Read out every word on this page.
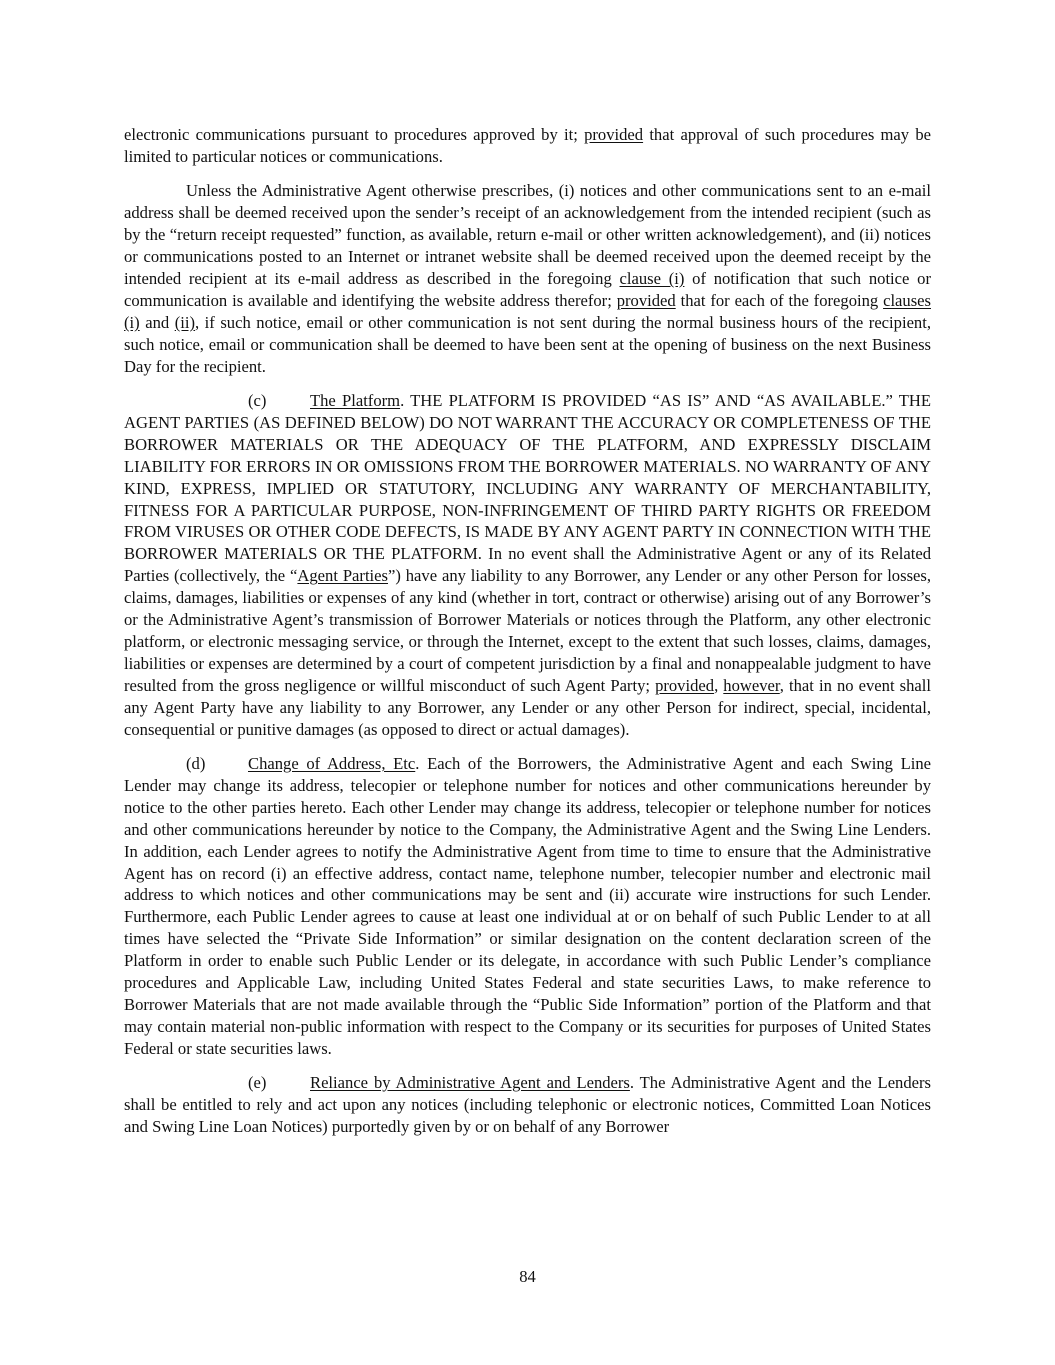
electronic communications pursuant to procedures approved by it; provided that approval of such procedures may be limited to particular notices or communications.

Unless the Administrative Agent otherwise prescribes, (i) notices and other communications sent to an e-mail address shall be deemed received upon the sender’s receipt of an acknowledgement from the intended recipient (such as by the “return receipt requested” function, as available, return e-mail or other written acknowledgement), and (ii) notices or communications posted to an Internet or intranet website shall be deemed received upon the deemed receipt by the intended recipient at its e-mail address as described in the foregoing clause (i) of notification that such notice or communication is available and identifying the website address therefor; provided that for each of the foregoing clauses (i) and (ii), if such notice, email or other communication is not sent during the normal business hours of the recipient, such notice, email or communication shall be deemed to have been sent at the opening of business on the next Business Day for the recipient.

(c)	The Platform. THE PLATFORM IS PROVIDED “AS IS” AND “AS AVAILABLE.” THE AGENT PARTIES (AS DEFINED BELOW) DO NOT WARRANT THE ACCURACY OR COMPLETENESS OF THE BORROWER MATERIALS OR THE ADEQUACY OF THE PLATFORM, AND EXPRESSLY DISCLAIM LIABILITY FOR ERRORS IN OR OMISSIONS FROM THE BORROWER MATERIALS. NO WARRANTY OF ANY KIND, EXPRESS, IMPLIED OR STATUTORY, INCLUDING ANY WARRANTY OF MERCHANTABILITY, FITNESS FOR A PARTICULAR PURPOSE, NON-INFRINGEMENT OF THIRD PARTY RIGHTS OR FREEDOM FROM VIRUSES OR OTHER CODE DEFECTS, IS MADE BY ANY AGENT PARTY IN CONNECTION WITH THE BORROWER MATERIALS OR THE PLATFORM. In no event shall the Administrative Agent or any of its Related Parties (collectively, the “Agent Parties”) have any liability to any Borrower, any Lender or any other Person for losses, claims, damages, liabilities or expenses of any kind (whether in tort, contract or otherwise) arising out of any Borrower’s or the Administrative Agent’s transmission of Borrower Materials or notices through the Platform, any other electronic platform, or electronic messaging service, or through the Internet, except to the extent that such losses, claims, damages, liabilities or expenses are determined by a court of competent jurisdiction by a final and nonappealable judgment to have resulted from the gross negligence or willful misconduct of such Agent Party; provided, however, that in no event shall any Agent Party have any liability to any Borrower, any Lender or any other Person for indirect, special, incidental, consequential or punitive damages (as opposed to direct or actual damages).

(d)	Change of Address, Etc. Each of the Borrowers, the Administrative Agent and each Swing Line Lender may change its address, telecopier or telephone number for notices and other communications hereunder by notice to the other parties hereto. Each other Lender may change its address, telecopier or telephone number for notices and other communications hereunder by notice to the Company, the Administrative Agent and the Swing Line Lenders. In addition, each Lender agrees to notify the Administrative Agent from time to time to ensure that the Administrative Agent has on record (i) an effective address, contact name, telephone number, telecopier number and electronic mail address to which notices and other communications may be sent and (ii) accurate wire instructions for such Lender. Furthermore, each Public Lender agrees to cause at least one individual at or on behalf of such Public Lender to at all times have selected the “Private Side Information” or similar designation on the content declaration screen of the Platform in order to enable such Public Lender or its delegate, in accordance with such Public Lender’s compliance procedures and Applicable Law, including United States Federal and state securities Laws, to make reference to Borrower Materials that are not made available through the “Public Side Information” portion of the Platform and that may contain material non-public information with respect to the Company or its securities for purposes of United States Federal or state securities laws.

(e)	Reliance by Administrative Agent and Lenders. The Administrative Agent and the Lenders shall be entitled to rely and act upon any notices (including telephonic or electronic notices, Committed Loan Notices and Swing Line Loan Notices) purportedly given by or on behalf of any Borrower

84
